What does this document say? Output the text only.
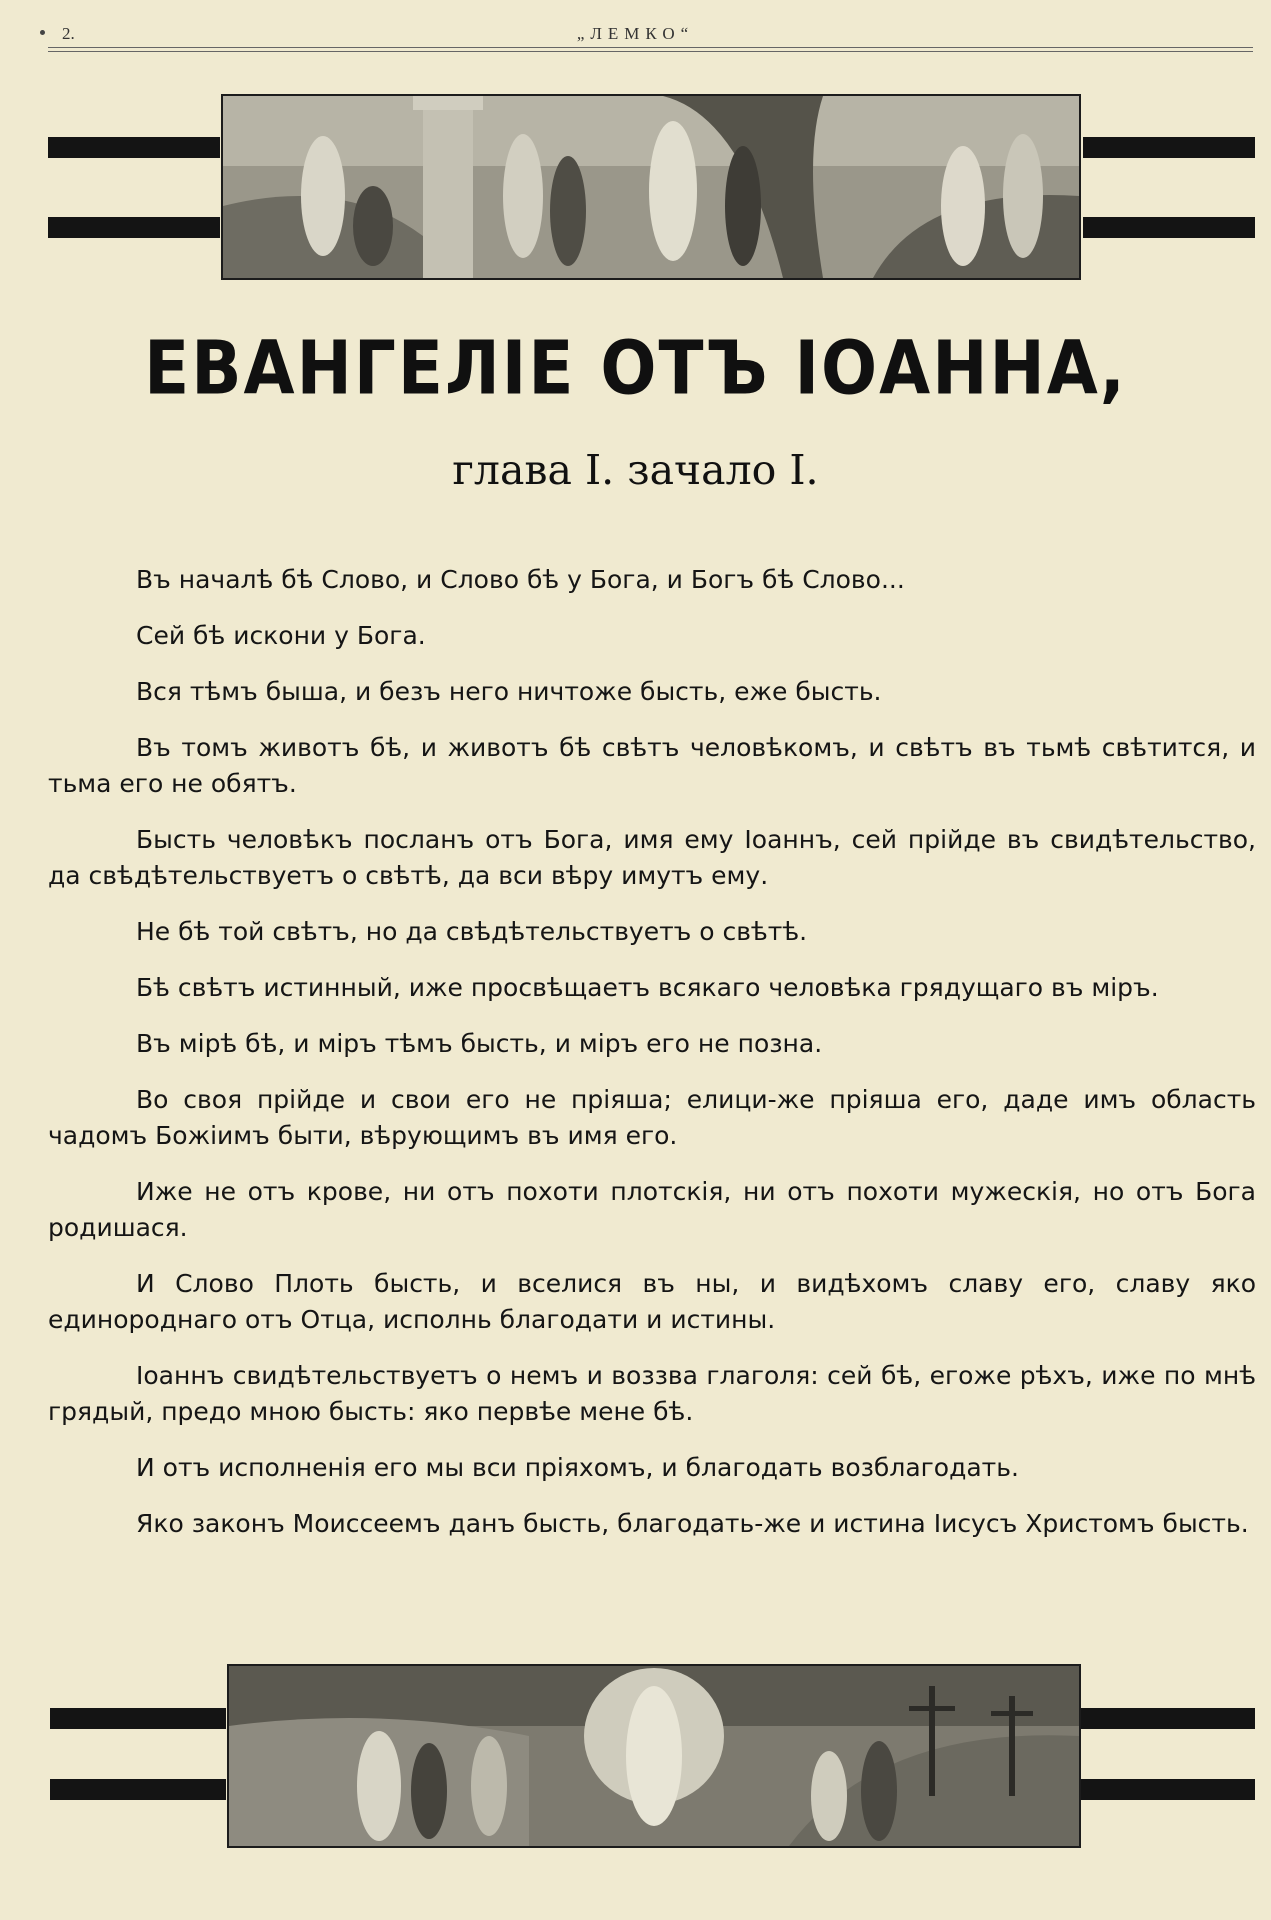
2.	„ЛЕМКО“
ЕВАНГЕЛІЕ ОТЪ ІОАННА,
глава I. зачало I.

Въ началѣ бѣ Слово, и Слово бѣ у Бога, и Богъ бѣ Слово...

Сей бѣ искони у Бога.

Вся тѣмъ быша, и безъ него ничтоже бысть, еже бысть.

Въ томъ животъ бѣ, и животъ бѣ свѣтъ человѣкомъ, и свѣтъ въ тьмѣ свѣтится, и тьма его не обятъ.

Бысть человѣкъ посланъ отъ Бога, имя ему Іоаннъ, сей прійде въ свидѣтельство, да свѣдѣтельствуетъ о свѣтѣ, да вси вѣру имутъ ему.

Не бѣ той свѣтъ, но да свѣдѣтельствуетъ о свѣтѣ.

Бѣ свѣтъ истинный, иже просвѣщаетъ всякаго человѣка грядущаго въ міръ.

Въ мірѣ бѣ, и міръ тѣмъ бысть, и міръ его не позна.

Во своя прійде и свои его не пріяша; елици-же пріяша его, даде имъ область чадомъ Божіимъ быти, вѣрующимъ въ имя его.

Иже не отъ крове, ни отъ похоти плотскія, ни отъ похоти мужескія, но отъ Бога родишася.

И Слово Плоть бысть, и вселися въ ны, и видѣхомъ славу его, славу яко единороднаго отъ Отца, исполнь благодати и истины.

Іоаннъ свидѣтельствуетъ о немъ и воззва глаголя: сей бѣ, егоже рѣхъ, иже по мнѣ грядый, предо мною бысть: яко первѣе мене бѣ.

И отъ исполненія его мы вси пріяхомъ, и благодать возблагодать.

Яко законъ Моиссеемъ данъ бысть, благодать-же и истина Іисусъ Христомъ бысть.
